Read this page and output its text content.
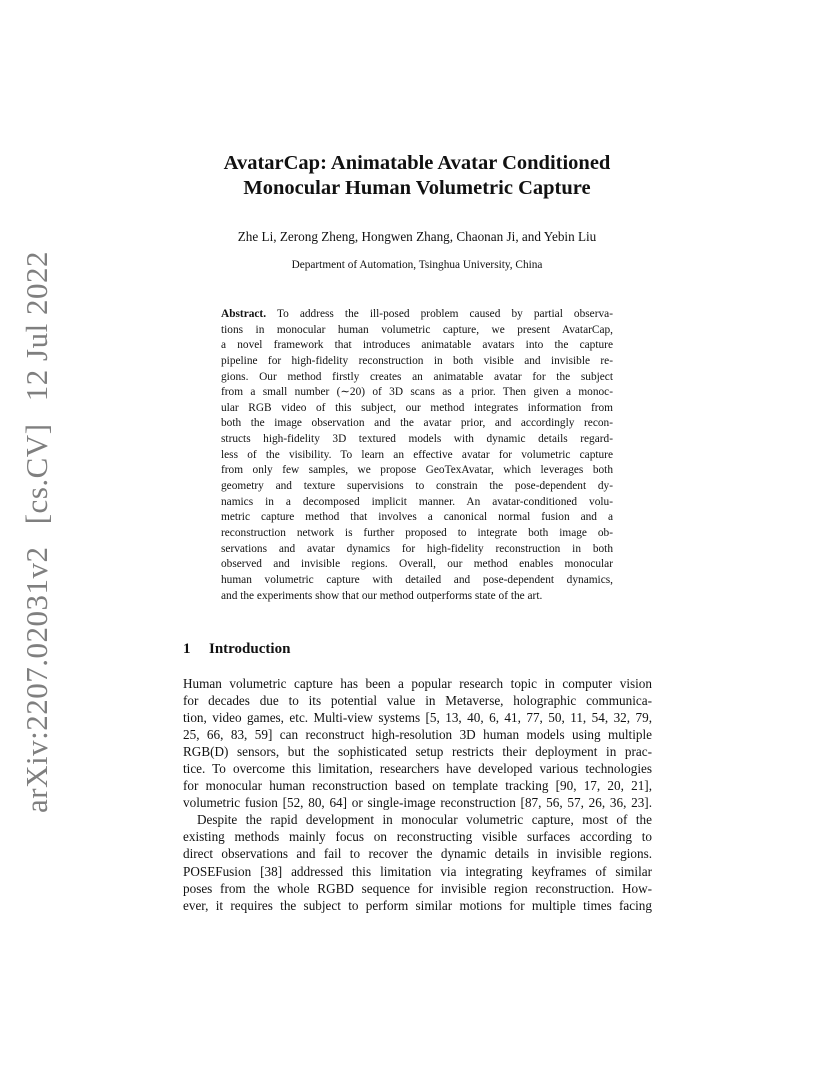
arXiv:2207.02031v2 [cs.CV] 12 Jul 2022
AvatarCap: Animatable Avatar Conditioned
Monocular Human Volumetric Capture
Zhe Li, Zerong Zheng, Hongwen Zhang, Chaonan Ji, and Yebin Liu
Department of Automation, Tsinghua University, China
Abstract. To address the ill-posed problem caused by partial observa-
tions in monocular human volumetric capture, we present AvatarCap,
a novel framework that introduces animatable avatars into the capture
pipeline for high-fidelity reconstruction in both visible and invisible re-
gions. Our method firstly creates an animatable avatar for the subject
from a small number (∼20) of 3D scans as a prior. Then given a monoc-
ular RGB video of this subject, our method integrates information from
both the image observation and the avatar prior, and accordingly recon-
structs high-fidelity 3D textured models with dynamic details regard-
less of the visibility. To learn an effective avatar for volumetric capture
from only few samples, we propose GeoTexAvatar, which leverages both
geometry and texture supervisions to constrain the pose-dependent dy-
namics in a decomposed implicit manner. An avatar-conditioned volu-
metric capture method that involves a canonical normal fusion and a
reconstruction network is further proposed to integrate both image ob-
servations and avatar dynamics for high-fidelity reconstruction in both
observed and invisible regions. Overall, our method enables monocular
human volumetric capture with detailed and pose-dependent dynamics,
and the experiments show that our method outperforms state of the art.
1 Introduction
Human volumetric capture has been a popular research topic in computer vision
for decades due to its potential value in Metaverse, holographic communica-
tion, video games, etc. Multi-view systems [5, 13, 40, 6, 41, 77, 50, 11, 54, 32, 79,
25, 66, 83, 59] can reconstruct high-resolution 3D human models using multiple
RGB(D) sensors, but the sophisticated setup restricts their deployment in prac-
tice. To overcome this limitation, researchers have developed various technologies
for monocular human reconstruction based on template tracking [90, 17, 20, 21],
volumetric fusion [52, 80, 64] or single-image reconstruction [87, 56, 57, 26, 36, 23].
Despite the rapid development in monocular volumetric capture, most of the
existing methods mainly focus on reconstructing visible surfaces according to
direct observations and fail to recover the dynamic details in invisible regions.
POSEFusion [38] addressed this limitation via integrating keyframes of similar
poses from the whole RGBD sequence for invisible region reconstruction. How-
ever, it requires the subject to perform similar motions for multiple times facing
